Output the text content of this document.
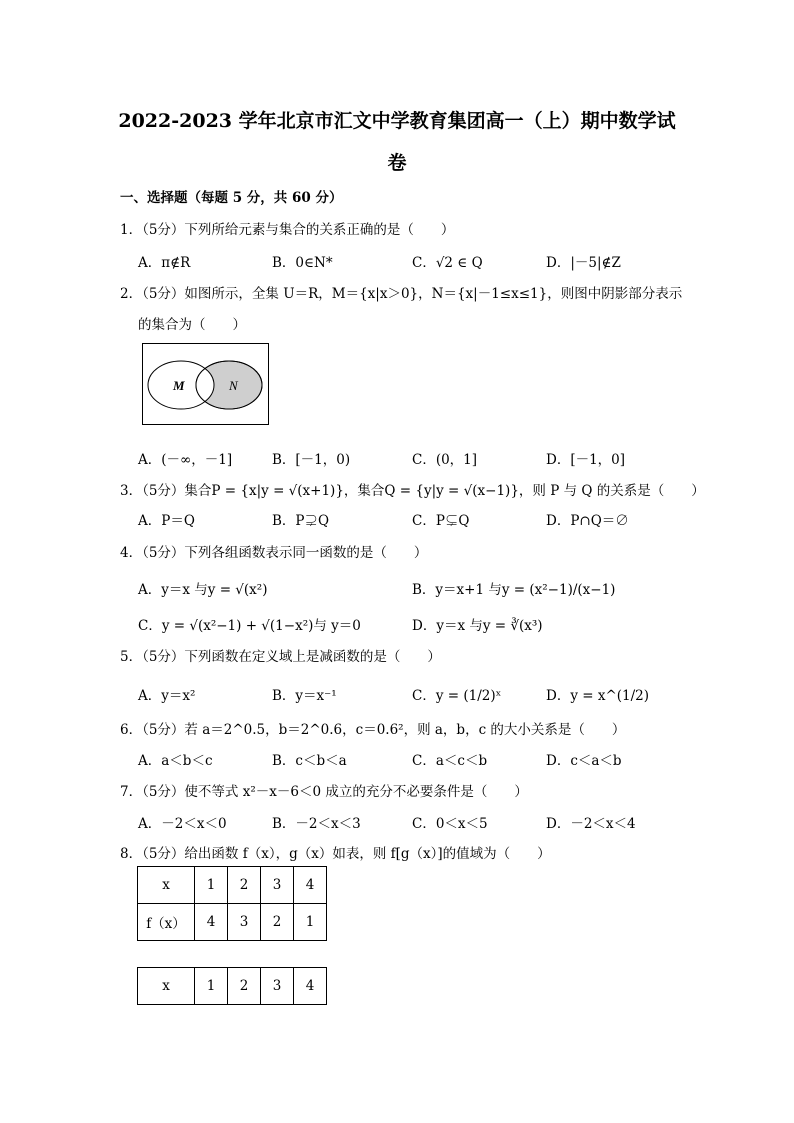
2022-2023 学年北京市汇文中学教育集团高一（上）期中数学试
卷
一、选择题（每题 5 分，共 60 分）
1．（5分）下列所给元素与集合的关系正确的是（　　）
A．π∉R	B．0∈N*	C．√2 ∈ Q	D．|－5|∉Z
2．（5分）如图所示，全集 U＝R，M＝{x|x＞0}，N＝{x|－1≤x≤1}，则图中阴影部分表示
的集合为（　　）
M	N
A．(－∞，－1]	B．[－1，0)	C．(0，1]	D．[－1，0]
3．（5分）集合P = {x|y = √(x+1)}，集合Q = {y|y = √(x−1)}，则 P 与 Q 的关系是（　　）
A．P＝Q	B．P⊋Q	C．P⊊Q	D．P∩Q＝∅
4．（5分）下列各组函数表示同一函数的是（　　）
A．y＝x 与y = √(x²)	B．y＝x+1 与y = (x²−1)/(x−1)
C．y = √(x²−1) + √(1−x²)与 y＝0	D．y＝x 与y = ∛(x³)
5．（5分）下列函数在定义域上是减函数的是（　　）
A．y＝x²	B．y＝x⁻¹	C．y = (1/2)ˣ	D．y = x^(1/2)
6．（5分）若 a＝2^0.5，b＝2^0.6，c＝0.6²，则 a，b，c 的大小关系是（　　）
A．a＜b＜c	B．c＜b＜a	C．a＜c＜b	D．c＜a＜b
7．（5分）使不等式 x²－x－6＜0 成立的充分不必要条件是（　　）
A．－2＜x＜0	B．－2＜x＜3	C．0＜x＜5	D．－2＜x＜4
8．（5分）给出函数 f（x），g（x）如表，则 f[g（x）]的值域为（　　）
x	1	2	3	4
f（x）	4	3	2	1
x	1	2	3	4
